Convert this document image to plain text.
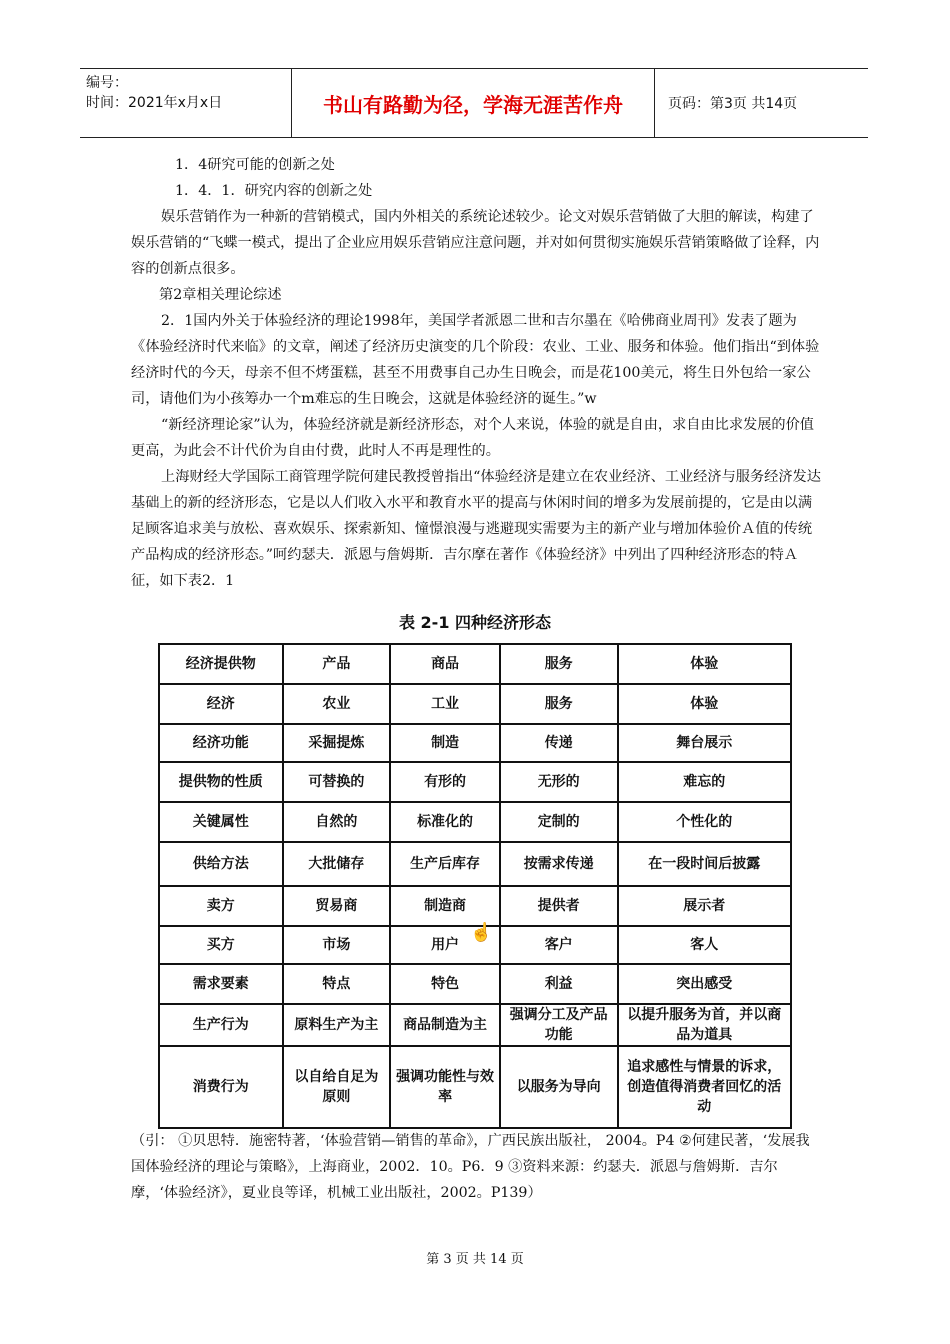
编号：
时间：2021年x月x日	书山有路勤为径，学海无涯苦作舟	页码：第3页 共14页

1．4研究可能的创新之处

1．4．1．研究内容的创新之处

娱乐营销作为一种新的营销模式，国内外相关的系统论述较少。论文对娱乐营销做了大胆的解读，构建了娱乐营销的“飞蝶一模式，提出了企业应用娱乐营销应注意问题，并对如何贯彻实施娱乐营销策略做了诠释，内容的创新点很多。

第2章相关理论综述

2．1国内外关于体验经济的理论1998年，美国学者派恩二世和吉尔墨在《哈佛商业周刊》发表了题为《体验经济时代来临》的文章，阐述了经济历史演变的几个阶段：农业、工业、服务和体验。他们指出“到体验经济时代的今天，母亲不但不烤蛋糕，甚至不用费事自己办生日晚会，而是花100美元，将生日外包给一家公司，请他们为小孩筹办一个m难忘的生日晚会，这就是体验经济的诞生。”w

“新经济理论家”认为，体验经济就是新经济形态，对个人来说，体验的就是自由，求自由比求发展的价值更高，为此会不计代价为自由付费，此时人不再是理性的。

上海财经大学国际工商管理学院何建民教授曾指出“体验经济是建立在农业经济、工业经济与服务经济发达基础上的新的经济形态，它是以人们收入水平和教育水平的提高与休闲时间的增多为发展前提的，它是由以满足顾客追求美与放松、喜欢娱乐、探索新知、憧憬浪漫与逃避现实需要为主的新产业与增加体验价Ａ值的传统产品构成的经济形态。”呵约瑟夫．派恩与詹姆斯．吉尔摩在著作《体验经济》中列出了四种经济形态的特Ａ征，如下表2．1

表 2-1 四种经济形态
经济提供物	产品	商品	服务	体验
经济	农业	工业	服务	体验
经济功能	采掘提炼	制造	传递	舞台展示
提供物的性质	可替换的	有形的	无形的	难忘的
关键属性	自然的	标准化的	定制的	个性化的
供给方法	大批储存	生产后库存	按需求传递	在一段时间后披露
卖方	贸易商	制造商	提供者	展示者
买方	市场	用户	客户	客人
需求要素	特点	特色	利益	突出感受
生产行为	原料生产为主	商品制造为主	强调分工及产品功能	以提升服务为首，并以商品为道具
消费行为	以自给自足为原则	强调功能性与效率	以服务为导向	追求感性与情景的诉求，创造值得消费者回忆的活动
☝
（引： ①贝思特．施密特著，‘体验营销—销售的革命》，广西民族出版社， 2004。P4 ②何建民著，‘发展我国体验经济的理论与策略》，上海商业，2002．10。P6．9 ③资料来源：约瑟夫．派恩与詹姆斯．吉尔摩，‘体验经济》，夏业良等译，机械工业出版社，2002。P139）
第 3 页 共 14 页
